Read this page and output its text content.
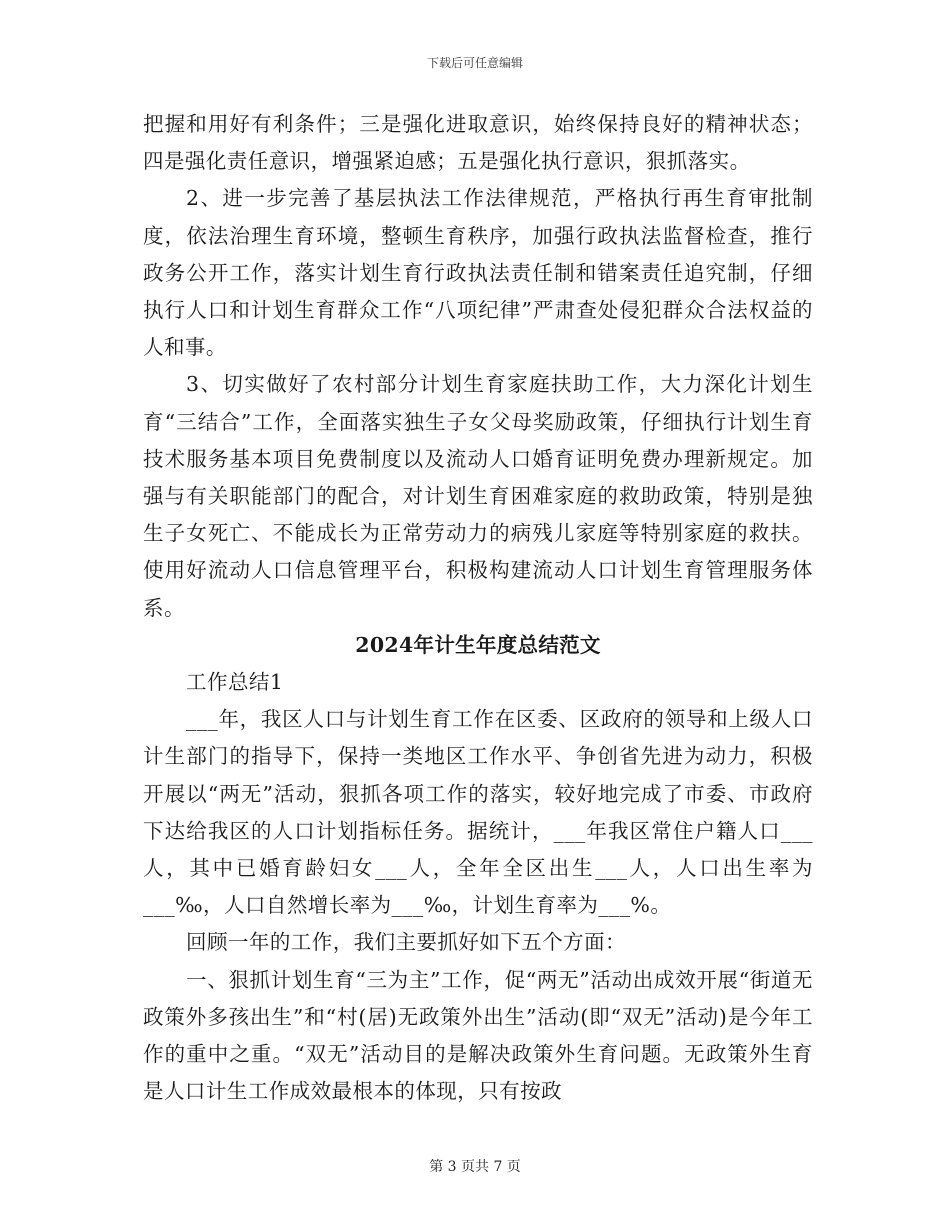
下载后可任意编辑

把握和用好有利条件；三是强化进取意识，始终保持良好的精神状态；四是强化责任意识，增强紧迫感；五是强化执行意识，狠抓落实。

2、进一步完善了基层执法工作法律规范，严格执行再生育审批制度，依法治理生育环境，整顿生育秩序，加强行政执法监督检查，推行政务公开工作，落实计划生育行政执法责任制和错案责任追究制，仔细执行人口和计划生育群众工作“八项纪律”严肃查处侵犯群众合法权益的人和事。

3、切实做好了农村部分计划生育家庭扶助工作，大力深化计划生育“三结合”工作，全面落实独生子女父母奖励政策，仔细执行计划生育技术服务基本项目免费制度以及流动人口婚育证明免费办理新规定。加强与有关职能部门的配合，对计划生育困难家庭的救助政策，特别是独生子女死亡、不能成长为正常劳动力的病残儿家庭等特别家庭的救扶。使用好流动人口信息管理平台，积极构建流动人口计划生育管理服务体系。

2024年计生年度总结范文

工作总结1

___年，我区人口与计划生育工作在区委、区政府的领导和上级人口计生部门的指导下，保持一类地区工作水平、争创省先进为动力，积极开展以“两无”活动，狠抓各项工作的落实，较好地完成了市委、市政府下达给我区的人口计划指标任务。据统计，___年我区常住户籍人口___人，其中已婚育龄妇女___人，全年全区出生___人，人口出生率为___‰，人口自然增长率为___‰，计划生育率为___%。

回顾一年的工作，我们主要抓好如下五个方面：

一、狠抓计划生育“三为主”工作，促“两无”活动出成效开展“街道无政策外多孩出生”和“村(居)无政策外出生”活动(即“双无”活动)是今年工作的重中之重。“双无”活动目的是解决政策外生育问题。无政策外生育是人口计生工作成效最根本的体现，只有按政

第 3 页共 7 页
